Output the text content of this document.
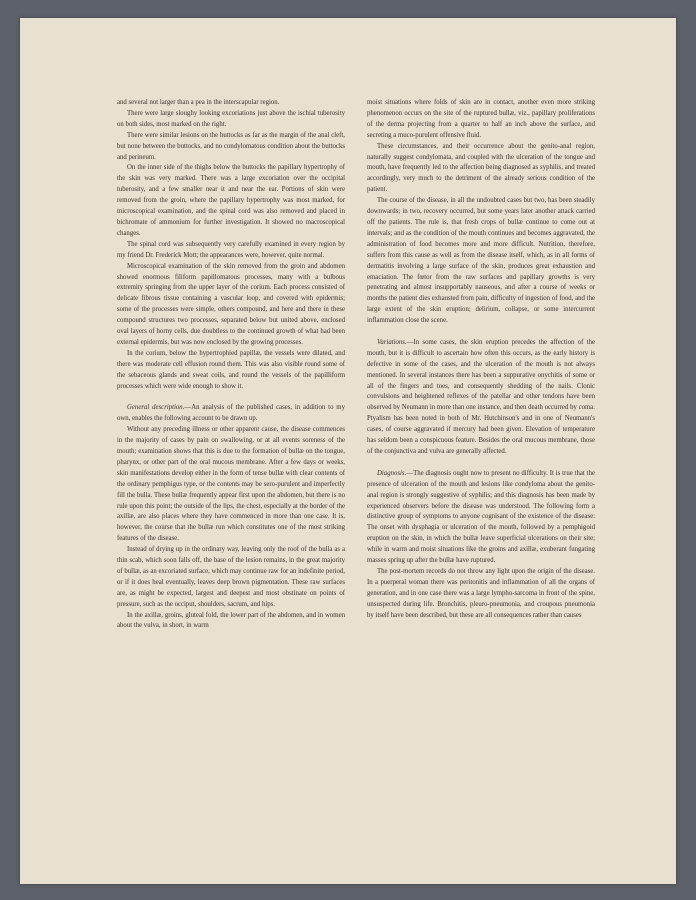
and several not larger than a pea in the interscapular region.

There were large sloughy looking excoriations just above the ischial tuberosity on both sides, most marked on the right.

There were similar lesions on the buttocks as far as the margin of the anal cleft, but none between the buttocks, and no condylomatous condition about the buttocks and perineum.

On the inner side of the thighs below the buttocks the papillary hypertrophy of the skin was very marked. There was a large excoriation over the occipital tuberosity, and a few smaller near it and near the ear. Portions of skin were removed from the groin, where the papillary hypertrophy was most marked, for microscopical examination, and the spinal cord was also removed and placed in bichromate of ammonium for further investigation. It showed no macroscopical changes.

The spinal cord was subsequently very carefully examined in every region by my friend Dr. Frederick Mott; the appearances were, however, quite normal.

Microscopical examination of the skin removed from the groin and abdomen showed enormous filiform papillomatous processes, many with a bulbous extremity springing from the upper layer of the corium. Each process consisted of delicate fibrous tissue containing a vascular loop, and covered with epidermis; some of the processes were simple, others compound, and here and there in these compound structures two processes, separated below but united above, enclosed oval layers of horny cells, due doubtless to the continued growth of what had been external epidermis, but was now enclosed by the growing processes.

In the corium, below the hypertrophied papillæ, the vessels were dilated, and there was moderate cell effusion round them. This was also visible round some of the sebaceous glands and sweat coils, and round the vessels of the papilliform processes which were wide enough to show it.

General description.—An analysis of the published cases, in addition to my own, enables the following account to be drawn up.

Without any preceding illness or other apparent cause, the disease commences in the majority of cases by pain on swallowing, or at all events soreness of the mouth; examination shows that this is due to the formation of bullæ on the tongue, pharynx, or other part of the oral mucous membrane. After a few days or weeks, skin manifestations develop either in the form of tense bullæ with clear contents of the ordinary pemphigus type, or the contents may be sero-purulent and imperfectly fill the bulla. These bullæ frequently appear first upon the abdomen, but there is no rule upon this point; the outside of the lips, the chest, especially at the border of the axillæ, are also places where they have commenced in more than one case. It is, however, the course that the bullæ run which constitutes one of the most striking features of the disease.

Instead of drying up in the ordinary way, leaving only the roof of the bulla as a thin scab, which soon falls off, the base of the lesion remains, in the great majority of bullæ, as an excoriated surface, which may continue raw for an indefinite period, or if it does heal eventually, leaves deep brown pigmentation. These raw surfaces are, as might be expected, largest and deepest and most obstinate on points of pressure, such as the occiput, shoulders, sacrum, and hips.

In the axillæ, groins, gluteal fold, the lower part of the abdomen, and in women about the vulva, in short, in warm

moist situations where folds of skin are in contact, another even more striking phenomenon occurs on the site of the ruptured bullæ, viz., papillary proliferations of the derma projecting from a quarter to half an inch above the surface, and secreting a muco-purulent offensive fluid.

These circumstances, and their occurrence about the genito-anal region, naturally suggest condylomata, and coupled with the ulceration of the tongue and mouth, have frequently led to the affection being diagnosed as syphilis, and treated accordingly, very much to the detriment of the already serious condition of the patient.

The course of the disease, in all the undoubted cases but two, has been steadily downwards; in two, recovery occurred, but some years later another attack carried off the patients. The rule is, that fresh crops of bullæ continue to come out at intervals; and as the condition of the mouth continues and becomes aggravated, the administration of food becomes more and more difficult. Nutrition, therefore, suffers from this cause as well as from the disease itself, which, as in all forms of dermatitis involving a large surface of the skin, produces great exhaustion and emaciation. The fœtor from the raw surfaces and papillary growths is very penetrating and almost insupportably nauseous, and after a course of weeks or months the patient dies exhausted from pain, difficulty of ingestion of food, and the large extent of the skin eruption; delirium, collapse, or some intercurrent inflammation close the scene.

Variations.—In some cases, the skin eruption precedes the affection of the mouth, but it is difficult to ascertain how often this occurs, as the early history is defective in some of the cases, and the ulceration of the mouth is not always mentioned. In several instances there has been a suppurative onychitis of some or all of the fingers and toes, and consequently shedding of the nails. Clonic convulsions and heightened reflexes of the patellar and other tendons have been observed by Neumann in more than one instance, and then death occurred by coma. Ptyalism has been noted in both of Mr. Hutchinson's and in one of Neumann's cases, of course aggravated if mercury had been given. Elevation of temperature has seldom been a conspicuous feature. Besides the oral mucous membrane, those of the conjunctiva and vulva are generally affected.

Diagnosis.—The diagnosis ought now to present no difficulty. It is true that the presence of ulceration of the mouth and lesions like condyloma about the genito-anal region is strongly suggestive of syphilis; and this diagnosis has been made by experienced observers before the disease was understood. The following form a distinctive group of symptoms to anyone cognisant of the existence of the disease: The onset with dysphagia or ulceration of the mouth, followed by a pemphigoid eruption on the skin, in which the bullæ leave superficial ulcerations on their site; while in warm and moist situations like the groins and axillæ, exuberant fungating masses spring up after the bullæ have ruptured.

The post-mortem records do not throw any light upon the origin of the disease. In a puerperal woman there was peritonitis and inflammation of all the organs of generation, and in one case there was a large lympho-sarcoma in front of the spine, unsuspected during life. Bronchitis, pleuro-pneumonia, and croupous pneumonia by itself have been described, but these are all consequences rather than causes
